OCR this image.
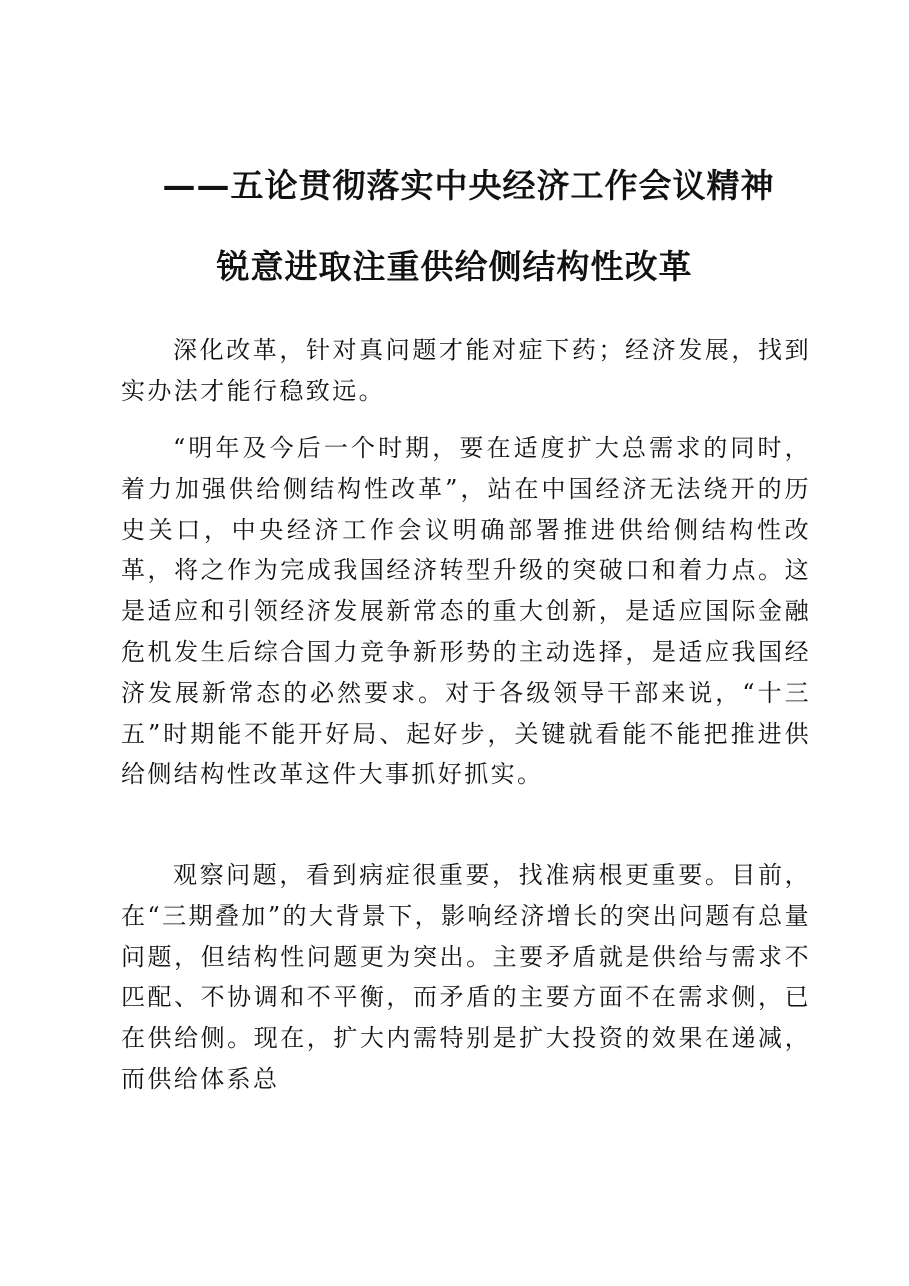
——五论贯彻落实中央经济工作会议精神
锐意进取注重供给侧结构性改革

深化改革，针对真问题才能对症下药；经济发展，找到实办法才能行稳致远。

“明年及今后一个时期，要在适度扩大总需求的同时，着力加强供给侧结构性改革”，站在中国经济无法绕开的历史关口，中央经济工作会议明确部署推进供给侧结构性改革，将之作为完成我国经济转型升级的突破口和着力点。这是适应和引领经济发展新常态的重大创新，是适应国际金融危机发生后综合国力竞争新形势的主动选择，是适应我国经济发展新常态的必然要求。对于各级领导干部来说，“十三五”时期能不能开好局、起好步，关键就看能不能把推进供给侧结构性改革这件大事抓好抓实。

观察问题，看到病症很重要，找准病根更重要。目前，在“三期叠加”的大背景下，影响经济增长的突出问题有总量问题，但结构性问题更为突出。主要矛盾就是供给与需求不匹配、不协调和不平衡，而矛盾的主要方面不在需求侧，已在供给侧。现在，扩大内需特别是扩大投资的效果在递减，而供给体系总
